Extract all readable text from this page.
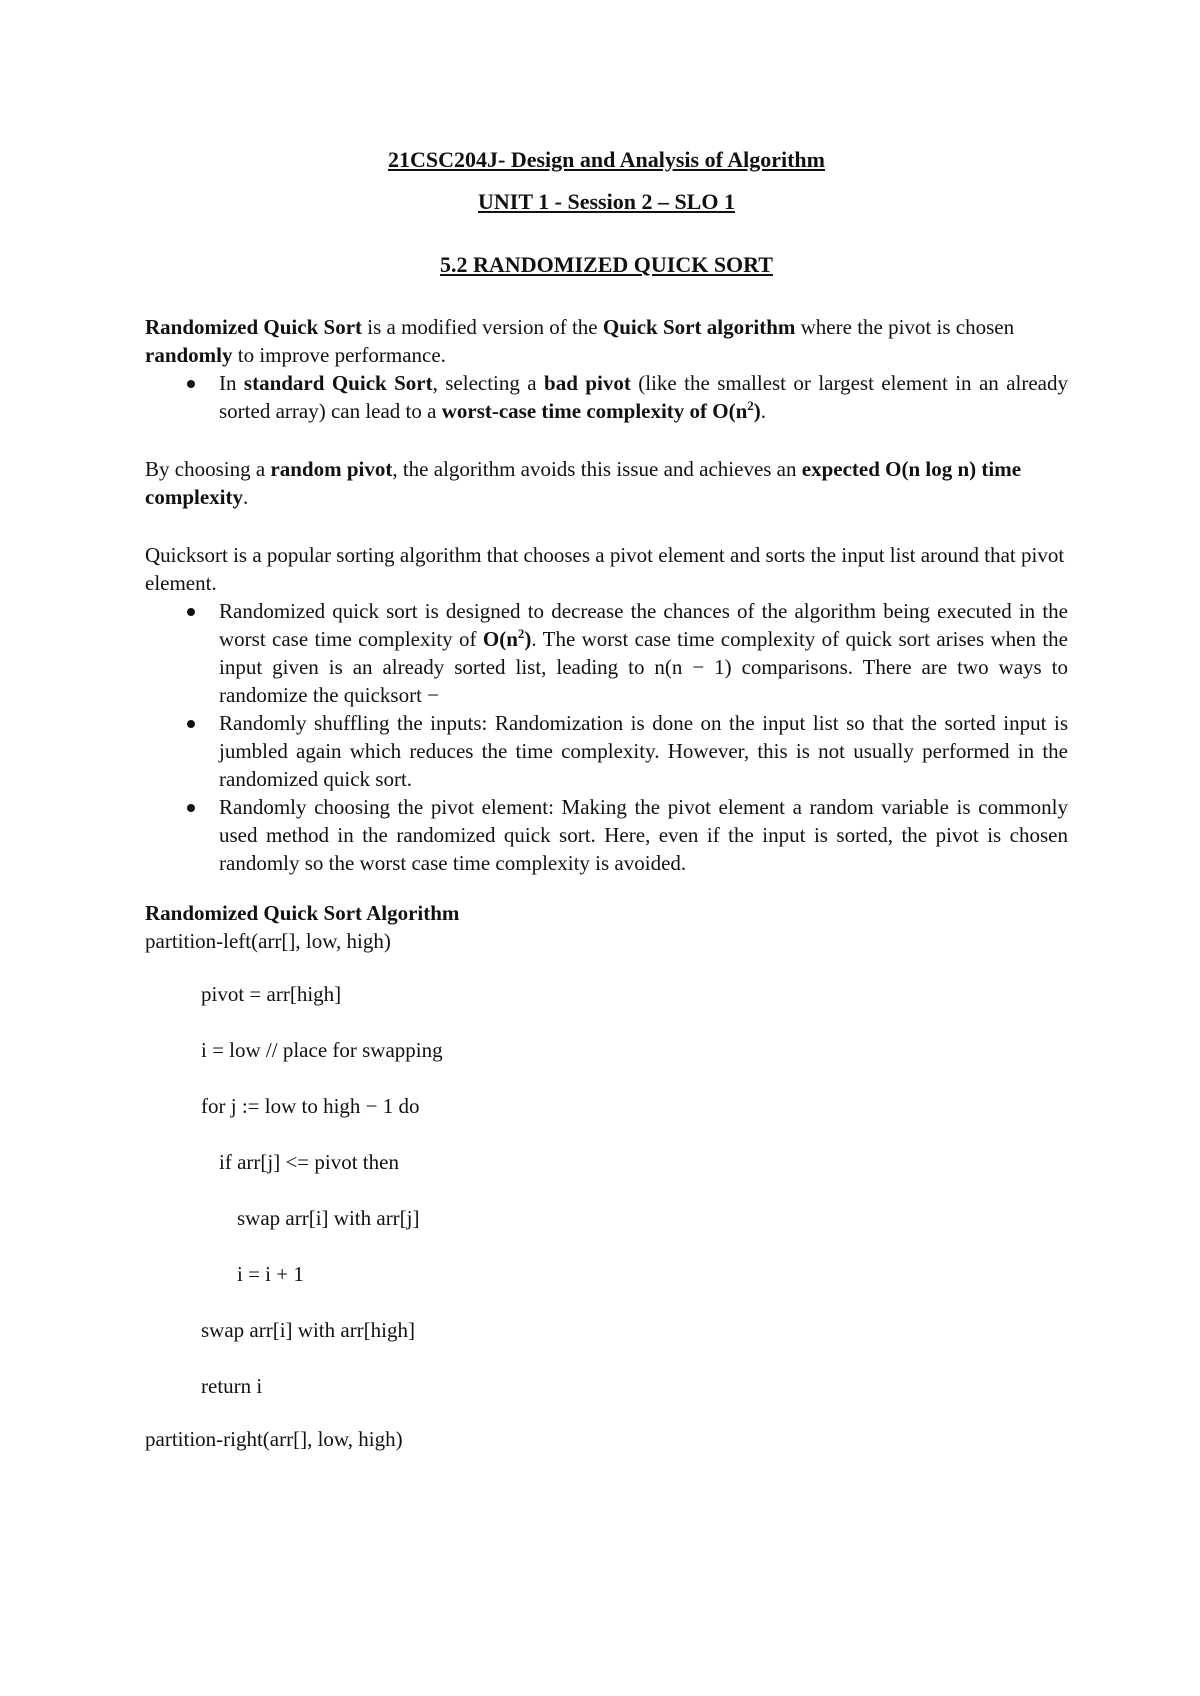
21CSC204J- Design and Analysis of Algorithm

UNIT 1 - Session 2 – SLO 1

5.2 RANDOMIZED QUICK SORT

Randomized Quick Sort is a modified version of the Quick Sort algorithm where the pivot is chosen randomly to improve performance.

In standard Quick Sort, selecting a bad pivot (like the smallest or largest element in an already sorted array) can lead to a worst-case time complexity of $O(n^2)$.

By choosing a random pivot, the algorithm avoids this issue and achieves an expected O(n log n) time complexity.

Quicksort is a popular sorting algorithm that chooses a pivot element and sorts the input list around that pivot element.

Randomized quick sort is designed to decrease the chances of the algorithm being executed in the worst case time complexity of $O(n^2)$. The worst case time complexity of quick sort arises when the input given is an already sorted list, leading to n(n − 1) comparisons. There are two ways to randomize the quicksort −
Randomly shuffling the inputs: Randomization is done on the input list so that the sorted input is jumbled again which reduces the time complexity. However, this is not usually performed in the randomized quick sort.
Randomly choosing the pivot element: Making the pivot element a random variable is commonly used method in the randomized quick sort. Here, even if the input is sorted, the pivot is chosen randomly so the worst case time complexity is avoided.

Randomized Quick Sort Algorithm

partition-left(arr[], low, high)

pivot = arr[high]

i = low // place for swapping

for j := low to high − 1 do

if arr[j] <= pivot then

swap arr[i] with arr[j]

i = i + 1

swap arr[i] with arr[high]

return i

partition-right(arr[], low, high)
